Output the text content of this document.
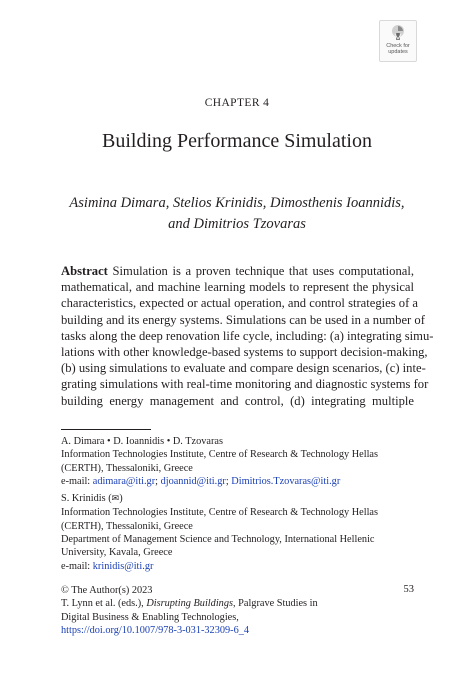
Check for
updates
CHAPTER 4
Building Performance Simulation
Asimina Dimara, Stelios Krinidis, Dimosthenis Ioannidis,
and Dimitrios Tzovaras
Abstract Simulation is a proven technique that uses computational,
mathematical, and machine learning models to represent the physical
characteristics, expected or actual operation, and control strategies of a
building and its energy systems. Simulations can be used in a number of
tasks along the deep renovation life cycle, including: (a) integrating simu-
lations with other knowledge-based systems to support decision-making,
(b) using simulations to evaluate and compare design scenarios, (c) inte-
grating simulations with real-time monitoring and diagnostic systems for
building energy management and control, (d) integrating multiple
A. Dimara • D. Ioannidis • D. Tzovaras
Information Technologies Institute, Centre of Research & Technology Hellas
(CERTH), Thessaloniki, Greece
e-mail: adimara@iti.gr; djoannid@iti.gr; Dimitrios.Tzovaras@iti.gr
S. Krinidis (✉)
Information Technologies Institute, Centre of Research & Technology Hellas
(CERTH), Thessaloniki, Greece
Department of Management Science and Technology, International Hellenic
University, Kavala, Greece
e-mail: krinidis@iti.gr
© The Author(s) 2023
T. Lynn et al. (eds.), Disrupting Buildings, Palgrave Studies in
Digital Business & Enabling Technologies,
https://doi.org/10.1007/978-3-031-32309-6_4
53
